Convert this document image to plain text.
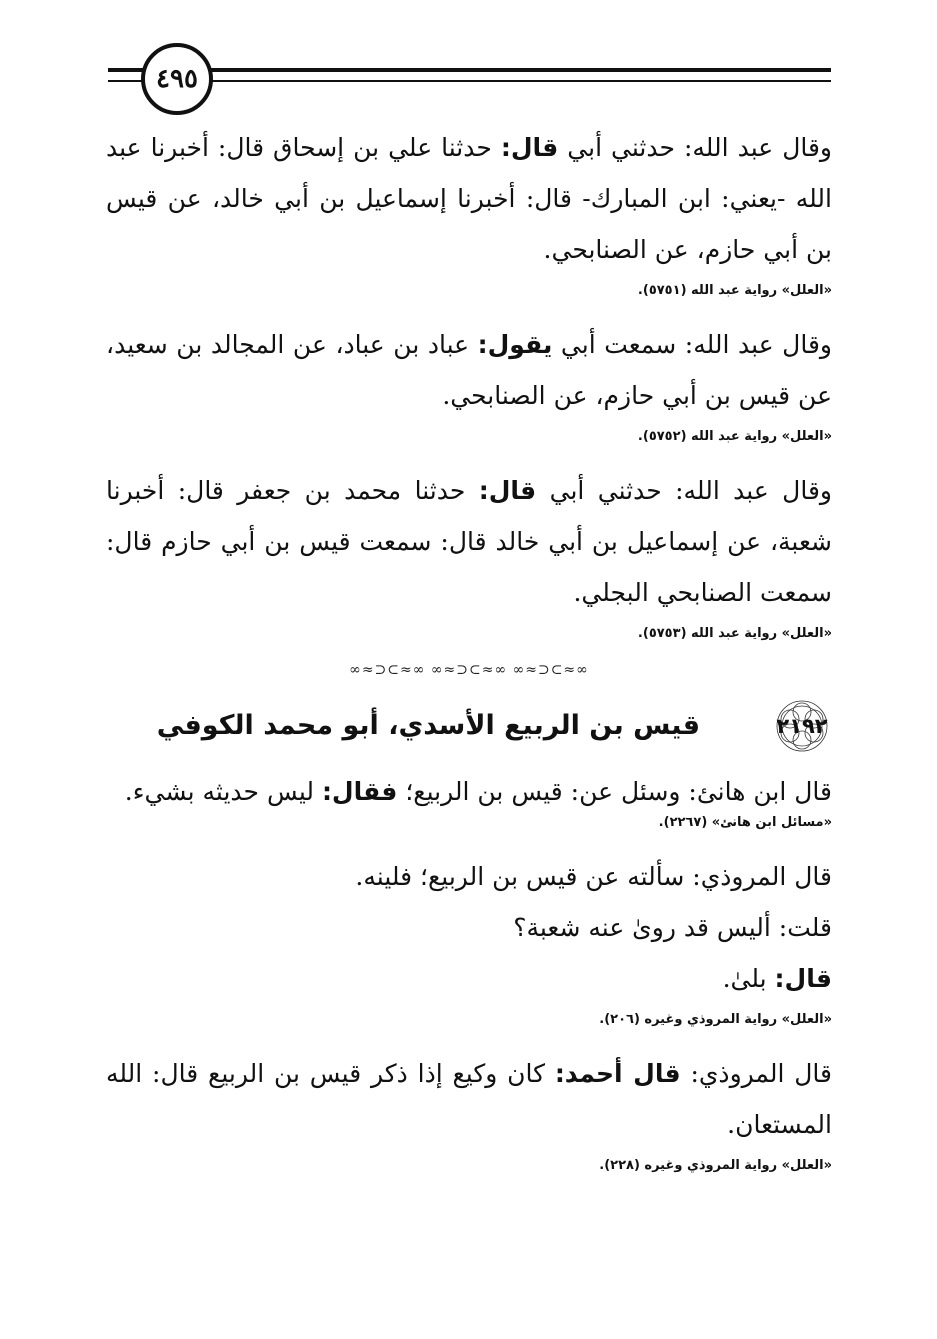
٤٩٥

وقال عبد الله: حدثني أبي قال: حدثنا علي بن إسحاق قال: أخبرنا عبد الله -يعني: ابن المبارك- قال: أخبرنا إسماعيل بن أبي خالد، عن قيس بن أبي حازم، عن الصنابحي.

«العلل» رواية عبد الله (٥٧٥١).

وقال عبد الله: سمعت أبي يقول: عباد بن عباد، عن المجالد بن سعيد، عن قيس بن أبي حازم، عن الصنابحي.

«العلل» رواية عبد الله (٥٧٥٢).

وقال عبد الله: حدثني أبي قال: حدثنا محمد بن جعفر قال: أخبرنا شعبة، عن إسماعيل بن أبي خالد قال: سمعت قيس بن أبي حازم قال: سمعت الصنابحي البجلي.

«العلل» رواية عبد الله (٥٧٥٣).
∞≈⊃⊂≈∞ ∞≈⊃⊂≈∞ ∞≈⊃⊂≈∞
٢١٩٢
قيس بن الربيع الأسدي، أبو محمد الكوفي

قال ابن هانئ: وسئل عن: قيس بن الربيع؛ فقال: ليس حديثه بشيء.

«مسائل ابن هانئ» (٢٢٦٧).

قال المروذي: سألته عن قيس بن الربيع؛ فلينه.

قلت: أليس قد روىٰ عنه شعبة؟

قال: بلىٰ.

«العلل» رواية المروذي وغيره (٢٠٦).

قال المروذي: قال أحمد: كان وكيع إذا ذكر قيس بن الربيع قال: الله المستعان.

«العلل» رواية المروذي وغيره (٢٢٨).
